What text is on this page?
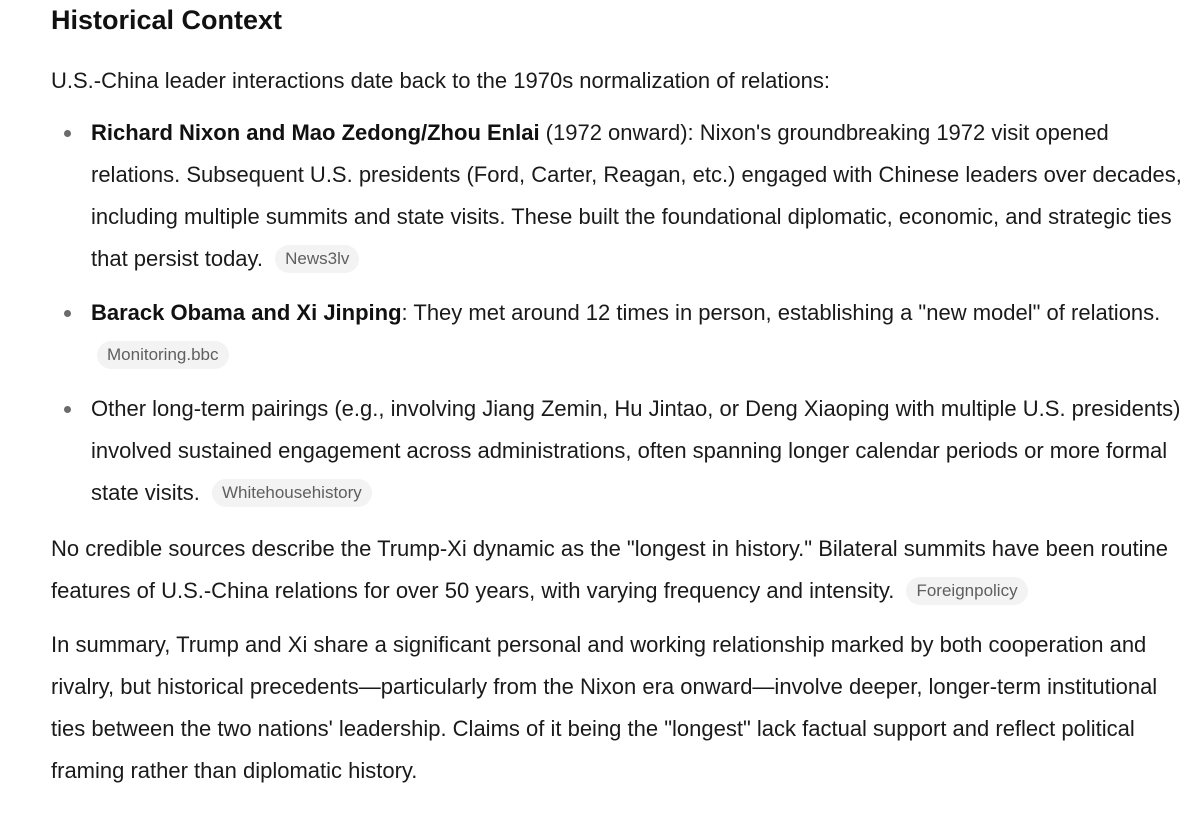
Historical Context

U.S.-China leader interactions date back to the 1970s normalization of relations:

Richard Nixon and Mao Zedong/Zhou Enlai (1972 onward): Nixon's groundbreaking 1972 visit opened relations. Subsequent U.S. presidents (Ford, Carter, Reagan, etc.) engaged with Chinese leaders over decades, including multiple summits and state visits. These built the foundational diplomatic, economic, and strategic ties that persist today. News3lv
Barack Obama and Xi Jinping: They met around 12 times in person, establishing a "new model" of relations. Monitoring.bbc
Other long-term pairings (e.g., involving Jiang Zemin, Hu Jintao, or Deng Xiaoping with multiple U.S. presidents) involved sustained engagement across administrations, often spanning longer calendar periods or more formal state visits. Whitehousehistory

No credible sources describe the Trump-Xi dynamic as the "longest in history." Bilateral summits have been routine features of U.S.-China relations for over 50 years, with varying frequency and intensity. Foreignpolicy

In summary, Trump and Xi share a significant personal and working relationship marked by both cooperation and rivalry, but historical precedents—particularly from the Nixon era onward—involve deeper, longer-term institutional ties between the two nations' leadership. Claims of it being the "longest" lack factual support and reflect political framing rather than diplomatic history.
